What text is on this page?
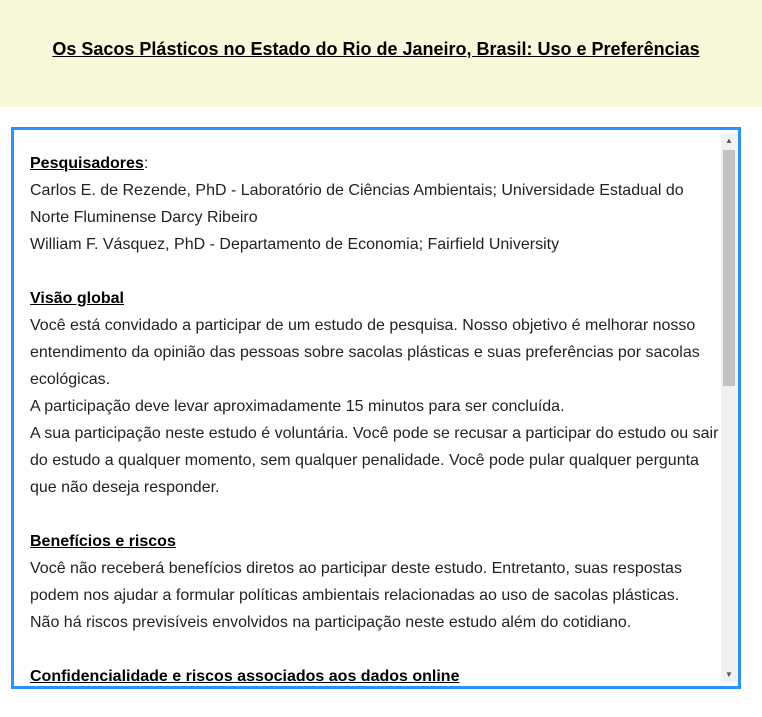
Os Sacos Plásticos no Estado do Rio de Janeiro, Brasil: Uso e Preferências

Pesquisadores:

Carlos E. de Rezende, PhD - Laboratório de Ciências Ambientais; Universidade Estadual do Norte Fluminense Darcy Ribeiro

William F. Vásquez, PhD - Departamento de Economia; Fairfield University

Visão global

Você está convidado a participar de um estudo de pesquisa. Nosso objetivo é melhorar nosso entendimento da opinião das pessoas sobre sacolas plásticas e suas preferências por sacolas ecológicas.

A participação deve levar aproximadamente 15 minutos para ser concluída.

A sua participação neste estudo é voluntária. Você pode se recusar a participar do estudo ou sair do estudo a qualquer momento, sem qualquer penalidade. Você pode pular qualquer pergunta que não deseja responder.

Benefícios e riscos

Você não receberá benefícios diretos ao participar deste estudo. Entretanto, suas respostas podem nos ajudar a formular políticas ambientais relacionadas ao uso de sacolas plásticas.

Não há riscos previsíveis envolvidos na participação neste estudo além do cotidiano.

Confidencialidade e riscos associados aos dados online

▲
▼
